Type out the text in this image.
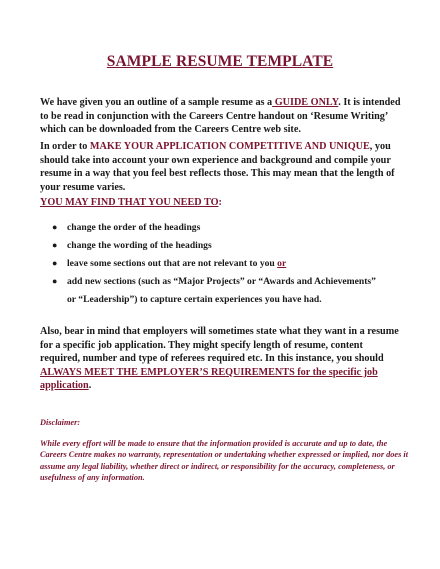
SAMPLE RESUME TEMPLATE
We have given you an outline of a sample resume as a GUIDE ONLY. It is intended to be read in conjunction with the Careers Centre handout on ‘Resume Writing’ which can be downloaded from the Careers Centre web site.
In order to MAKE YOUR APPLICATION COMPETITIVE AND UNIQUE, you should take into account your own experience and background and compile your resume in a way that you feel best reflects those. This may mean that the length of your resume varies.
YOU MAY FIND THAT YOU NEED TO:
● change the order of the headings
● change the wording of the headings
● leave some sections out that are not relevant to you or
● add new sections (such as “Major Projects” or “Awards and Achievements”
or “Leadership”) to capture certain experiences you have had.
Also, bear in mind that employers will sometimes state what they want in a resume for a specific job application. They might specify length of resume, content required, number and type of referees required etc. In this instance, you should ALWAYS MEET THE EMPLOYER’S REQUIREMENTS for the specific job application.
Disclaimer:
While every effort will be made to ensure that the information provided is accurate and up to date, the Careers Centre makes no warranty, representation or undertaking whether expressed or implied, nor does it assume any legal liability, whether direct or indirect, or responsibility for the accuracy, completeness, or usefulness of any information.
